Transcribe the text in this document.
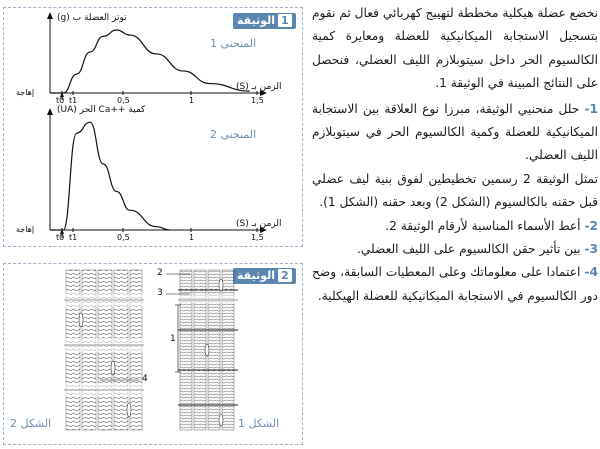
1الوثيقة
توتر العضلة ب (g)
المنحنى 1
الزمن بـ (S)
إهاجة
t0 t1	0,5	1	1,5
كمية ++Ca الحر (UA)
المنحنى 2
الزمن بـ (S)
إهاجة
t0 t1	0,5	1	1,5
2الوثيقة
2
3
1
4
الشكل 1
الشكل 2

نخضع عضلة هيكلية مخططة لتهييج كهربائي فعال ثم نقوم بتسجيل الاستجابة الميكانيكية للعضلة ومعايرة كمية الكالسيوم الحر داخل سيتوبلازم الليف العضلي، فنحصل على النتائج المبينة في الوثيقة 1.

1- حلل منحنيي الوثيقة، مبرزا نوع العلاقة بين الاستجابة الميكانيكية للعضلة وكمية الكالسيوم الحر في سيتوبلازم الليف العضلي.

تمثل الوثيقة 2 رسمين تخطيطين لفوق بنية ليف عضلي قبل حقنه بالكالسيوم (الشكل 2) وبعد حقنه (الشكل 1).

2- أعط الأسماء المناسبة لأرقام الوثيقة 2.

3- بين تأثير حقن الكالسيوم على الليف العضلي.

4- اعتمادا على معلوماتك وعلى المعطيات السابقة، وضح دور الكالسيوم في الاستجابة الميكانيكية للعضلة الهيكلية.
